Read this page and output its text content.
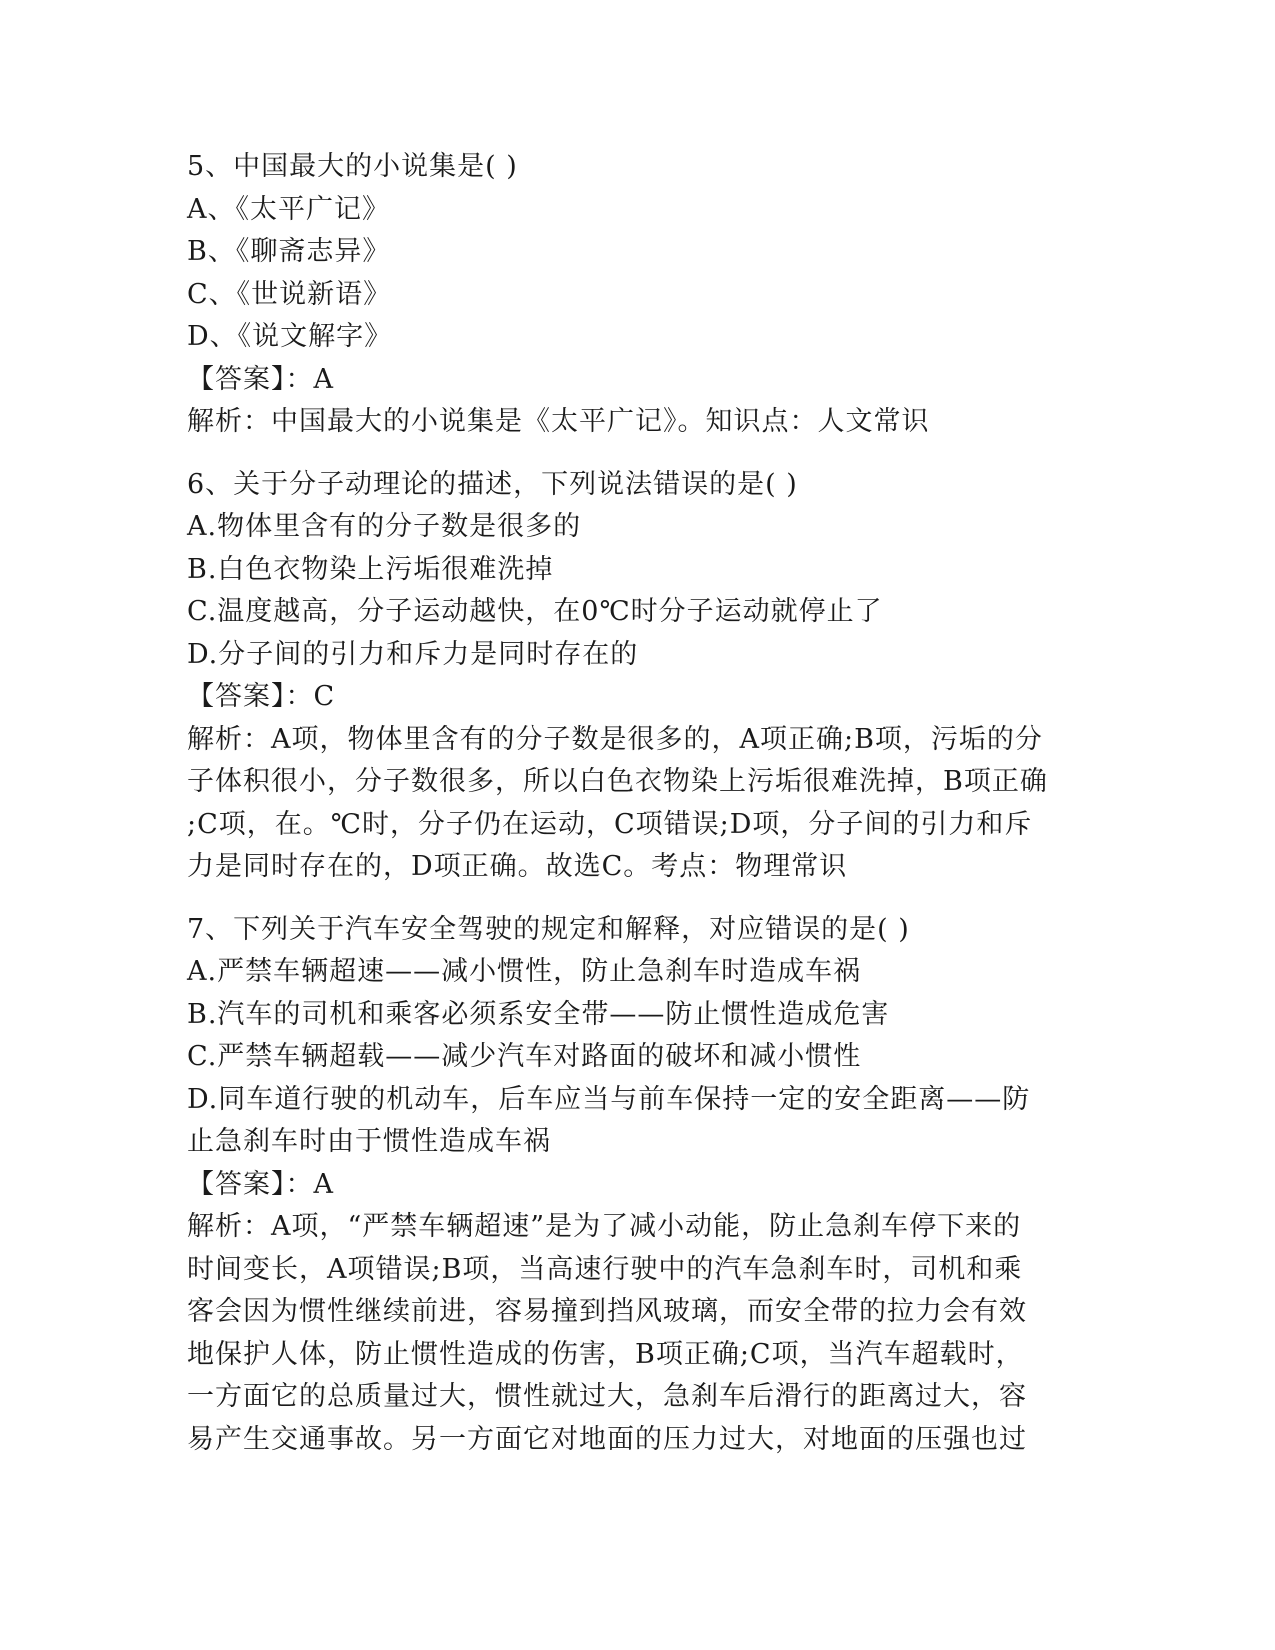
5、中国最大的小说集是( )
A、《太平广记》
B、《聊斋志异》
C、《世说新语》
D、《说文解字》
【答案】：A
解析：中国最大的小说集是《太平广记》。知识点：人文常识
6、关于分子动理论的描述，下列说法错误的是( )
A.物体里含有的分子数是很多的
B.白色衣物染上污垢很难洗掉
C.温度越高，分子运动越快，在0℃时分子运动就停止了
D.分子间的引力和斥力是同时存在的
【答案】：C
解析：A项，物体里含有的分子数是很多的，A项正确;B项，污垢的分
子体积很小，分子数很多，所以白色衣物染上污垢很难洗掉，B项正确
;C项，在。℃时，分子仍在运动，C项错误;D项，分子间的引力和斥
力是同时存在的，D项正确。故选C。考点：物理常识
7、下列关于汽车安全驾驶的规定和解释，对应错误的是( )
A.严禁车辆超速——减小惯性，防止急刹车时造成车祸
B.汽车的司机和乘客必须系安全带——防止惯性造成危害
C.严禁车辆超载——减少汽车对路面的破坏和减小惯性
D.同车道行驶的机动车，后车应当与前车保持一定的安全距离——防
止急刹车时由于惯性造成车祸
【答案】：A
解析：A项，“严禁车辆超速”是为了减小动能，防止急刹车停下来的
时间变长，A项错误;B项，当高速行驶中的汽车急刹车时，司机和乘
客会因为惯性继续前进，容易撞到挡风玻璃，而安全带的拉力会有效
地保护人体，防止惯性造成的伤害，B项正确;C项，当汽车超载时，
一方面它的总质量过大，惯性就过大，急刹车后滑行的距离过大，容
易产生交通事故。另一方面它对地面的压力过大，对地面的压强也过
